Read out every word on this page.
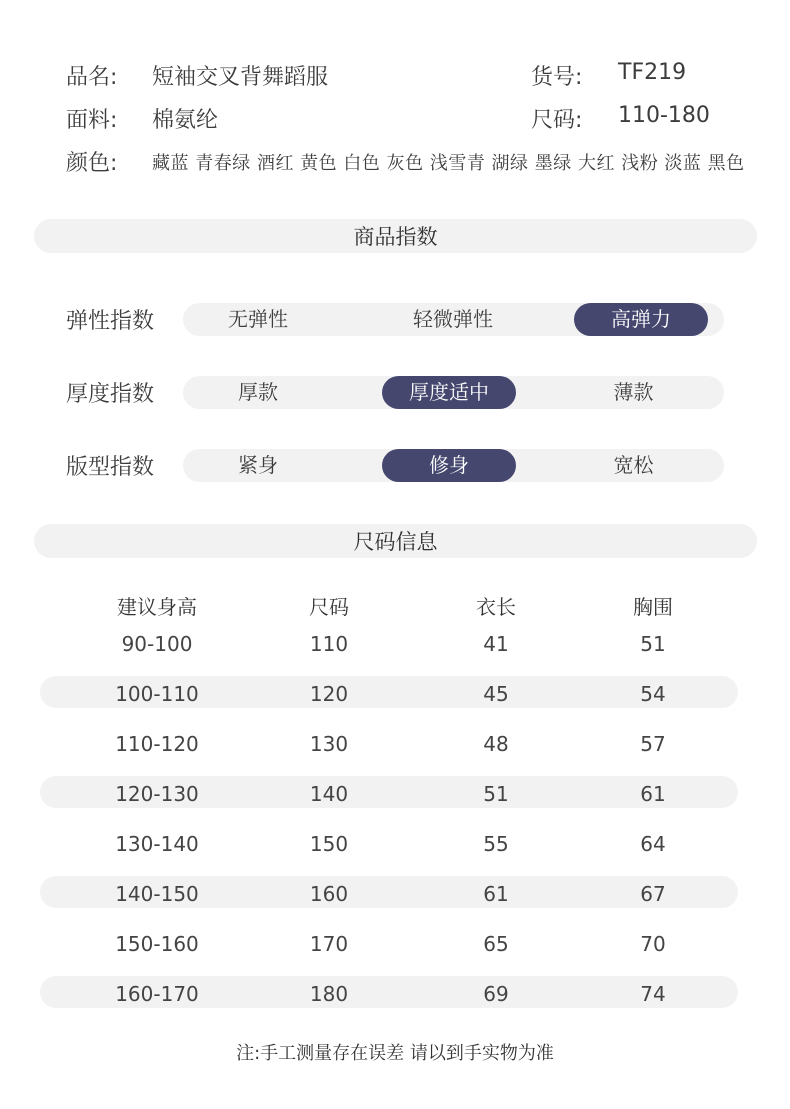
品名: 短袖交叉背舞蹈服	货号: TF219
面料: 棉氨纶	尺码: 110-180
颜色: 藏蓝 青春绿 酒红 黄色 白色 灰色 浅雪青 湖绿 墨绿 大红 浅粉 淡蓝 黑色
商品指数
弹性指数	无弹性	轻微弹性	高弹力
厚度指数	厚款	厚度适中	薄款
版型指数	紧身	修身	宽松
尺码信息
建议身高	尺码	衣长	胸围
90-100	110	41	51
100-110	120	45	54
110-120	130	48	57
120-130	140	51	61
130-140	150	55	64
140-150	160	61	67
150-160	170	65	70
160-170	180	69	74
注:手工测量存在误差 请以到手实物为准
